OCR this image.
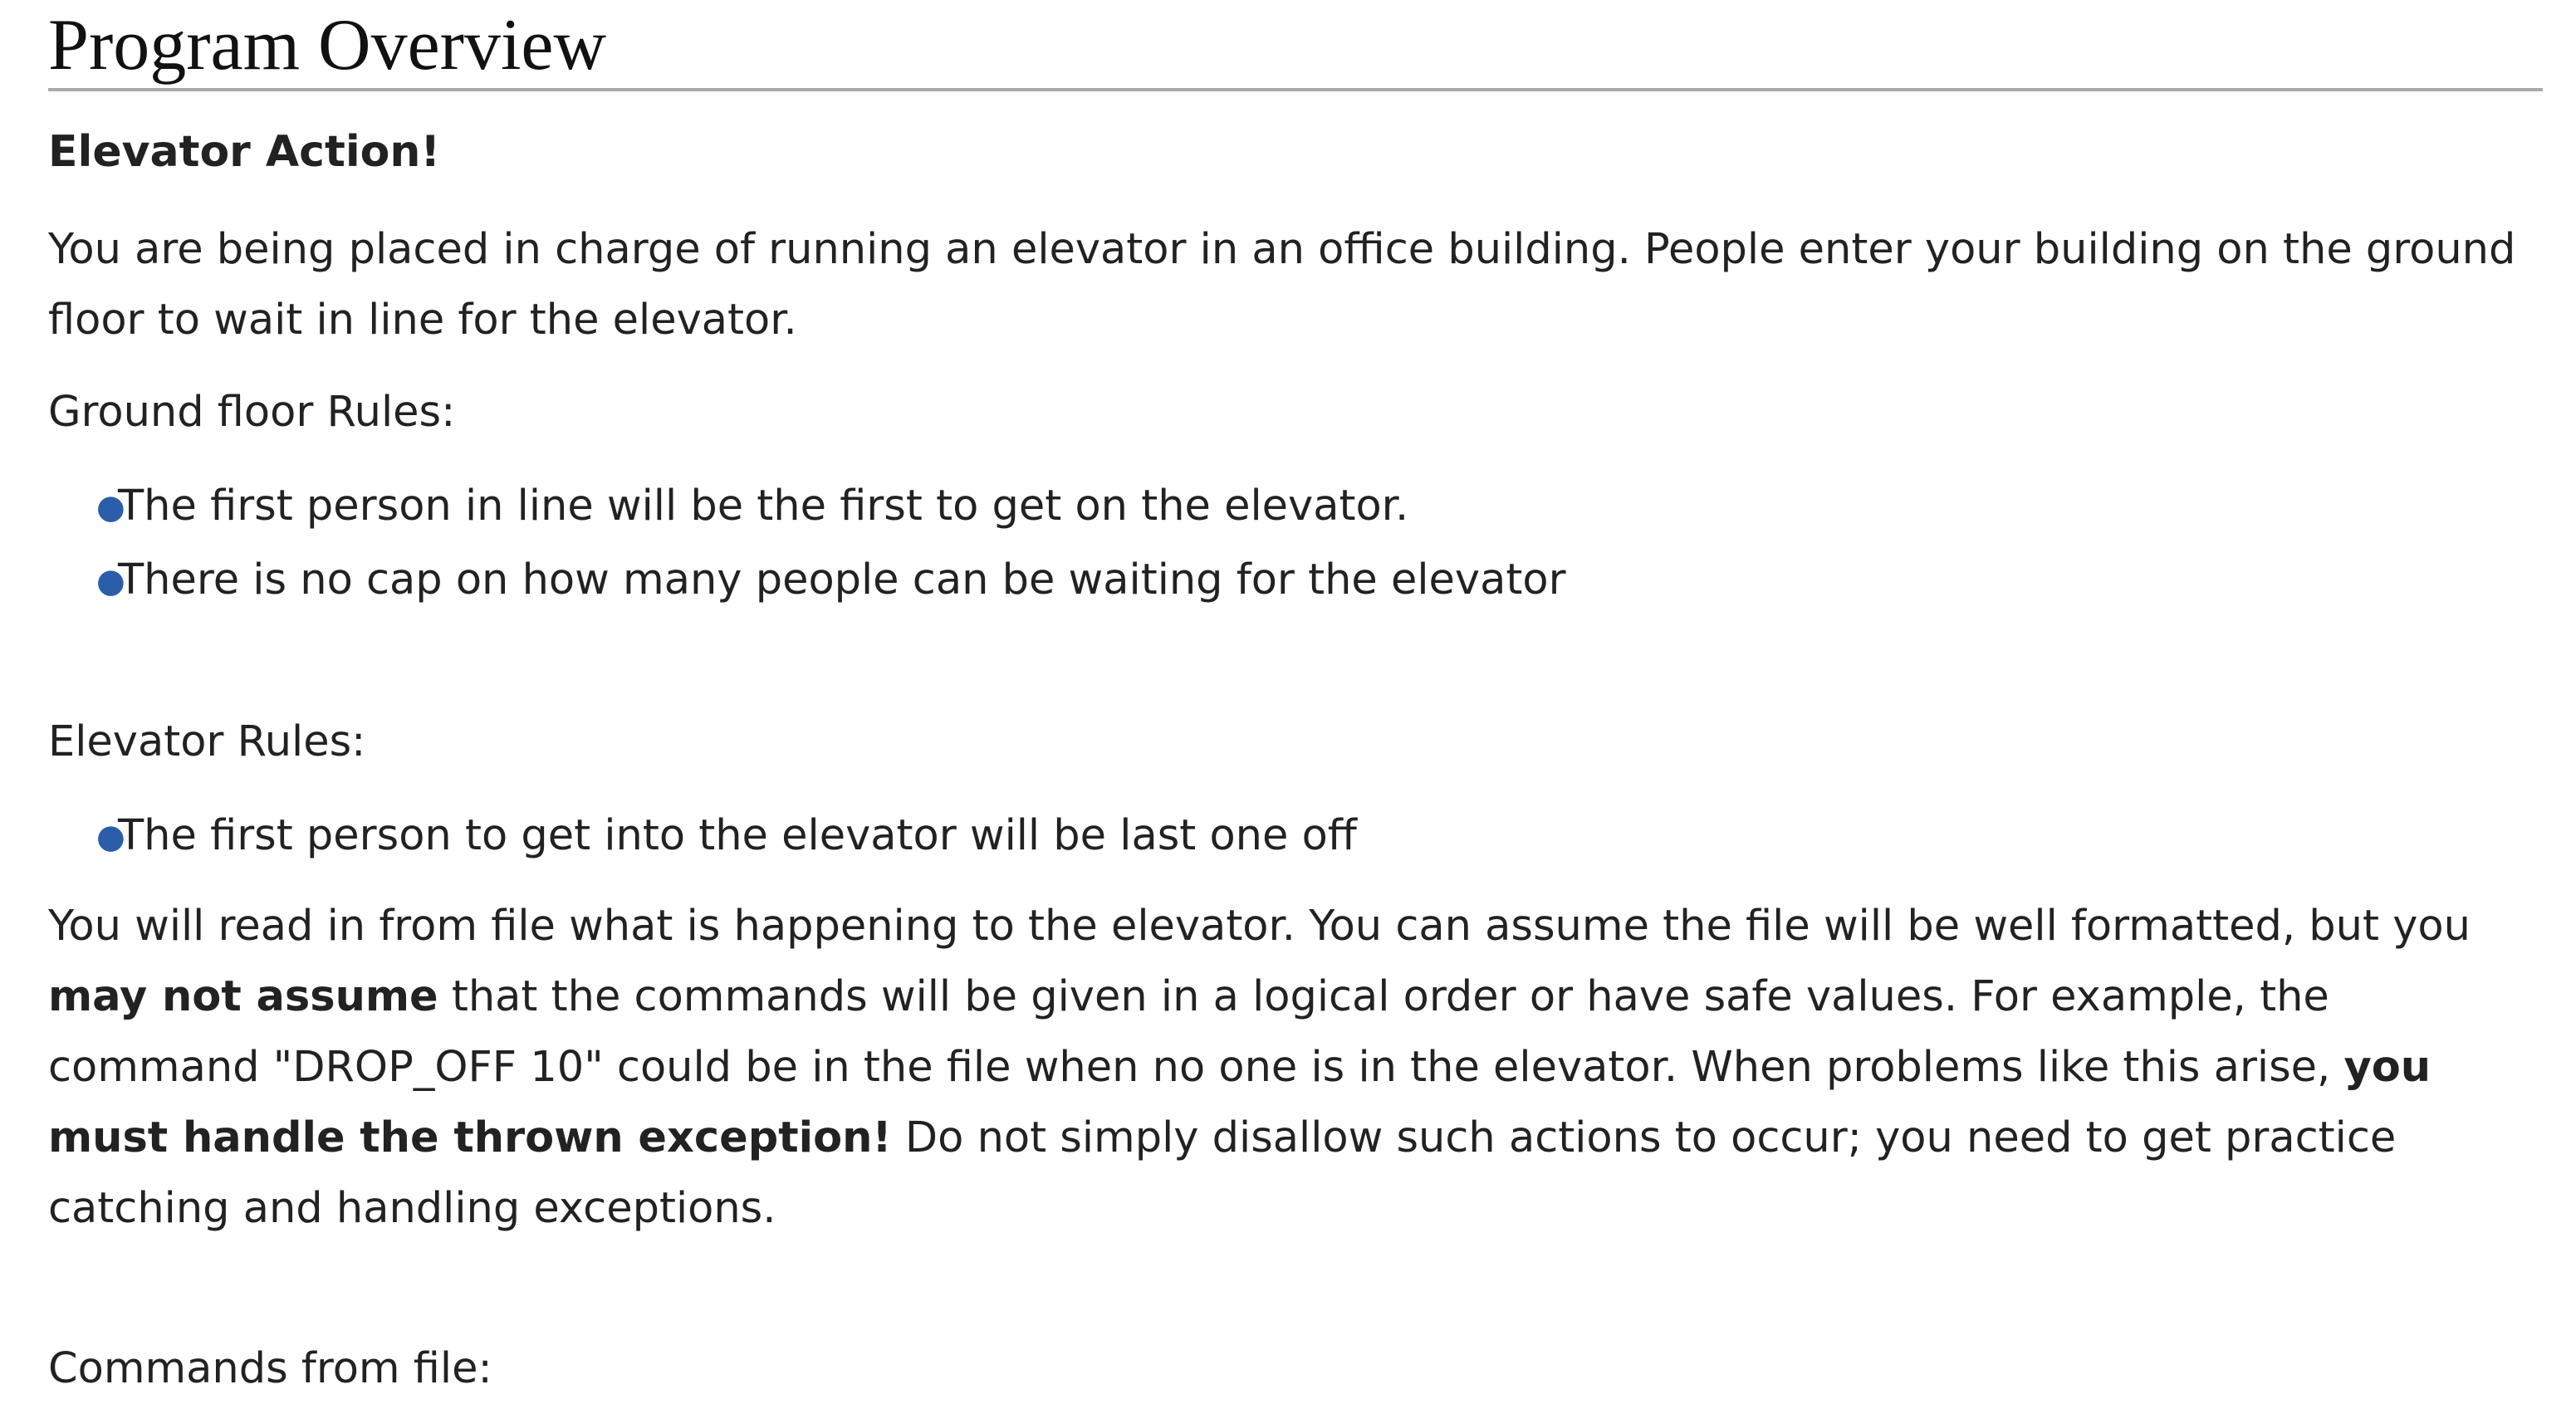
Program Overview
Elevator Action!

You are being placed in charge of running an elevator in an office building. People enter your building on the ground floor to wait in line for the elevator.

Ground floor Rules:

●
The first person in line will be the first to get on the elevator.
●
There is no cap on how many people can be waiting for the elevator

Elevator Rules:

●
The first person to get into the elevator will be last one off

You will read in from file what is happening to the elevator. You can assume the file will be well formatted, but you may not assume that the commands will be given in a logical order or have safe values. For example, the command "DROP_OFF 10" could be in the file when no one is in the elevator. When problems like this arise, you must handle the thrown exception! Do not simply disallow such actions to occur; you need to get practice catching and handling exceptions.

Commands from file:
